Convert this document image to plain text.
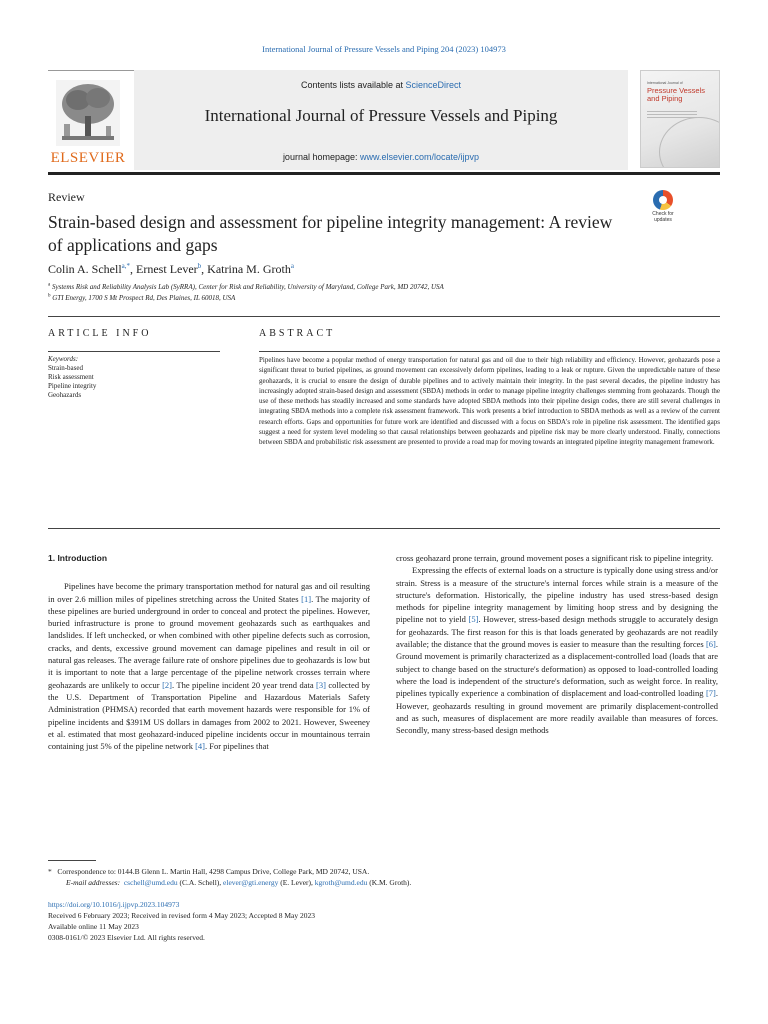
International Journal of Pressure Vessels and Piping 204 (2023) 104973
ELSEVIER
Contents lists available at ScienceDirect
International Journal of Pressure Vessels and Piping
journal homepage: www.elsevier.com/locate/ijpvp
International Journal of
Pressure Vessels and Piping
Review
Strain-based design and assessment for pipeline integrity management: A review of applications and gaps
Check for updates
Colin A. Schell$^{a,*}$, Ernest Lever$^b$, Katrina M. Groth$^a$
$^a$ Systems Risk and Reliability Analysis Lab (SyRRA), Center for Risk and Reliability, University of Maryland, College Park, MD 20742, USA
$^b$ GTI Energy, 1700 S Mt Prospect Rd, Des Plaines, IL 60018, USA
ARTICLE INFO	ABSTRACT
Keywords:
Strain-based
Risk assessment
Pipeline integrity
Geohazards
Pipelines have become a popular method of energy transportation for natural gas and oil due to their high reliability and efficiency. However, geohazards pose a significant threat to buried pipelines, as ground movement can excessively deform pipelines, leading to a leak or rupture. Given the unpredictable nature of these geohazards, it is crucial to ensure the design of durable pipelines and to actively maintain their integrity. In the past several decades, the pipeline industry has increasingly adopted strain-based design and assessment (SBDA) methods in order to manage pipeline integrity challenges stemming from geohazards. Though the use of these methods has steadily increased and some standards have adopted SBDA methods into their pipeline design codes, there are still several challenges in integrating SBDA methods into a complete risk assessment framework. This work presents a brief introduction to SBDA methods as well as a review of the current research efforts. Gaps and opportunities for future work are identified and discussed with a focus on SBDA's role in pipeline risk assessment. The identified gaps suggest a need for system level modeling so that causal relationships between geohazards and pipeline risk may be more clearly understood. Finally, connections between SBDA and probabilistic risk assessment are presented to provide a road map for moving towards an integrated pipeline integrity management framework.
1. Introduction

Pipelines have become the primary transportation method for natural gas and oil resulting in over 2.6 million miles of pipelines stretching across the United States [1]. The majority of these pipelines are buried underground in order to conceal and protect the pipelines. However, buried infrastructure is prone to ground movement geohazards such as earthquakes and landslides. If left unchecked, or when combined with other pipeline defects such as corrosion, cracks, and dents, excessive ground movement can damage pipelines and result in oil or natural gas releases. The average failure rate of onshore pipelines due to geohazards is low but it is important to note that a large percentage of the pipeline network crosses terrain where geohazards are unlikely to occur [2]. The pipeline incident 20 year trend data [3] collected by the U.S. Department of Transportation Pipeline and Hazardous Materials Safety Administration (PHMSA) recorded that earth movement hazards were responsible for 1% of pipeline incidents and $391M US dollars in damages from 2002 to 2021. However, Sweeney et al. estimated that most geohazard-induced pipeline incidents occur in mountainous terrain containing just 5% of the pipeline network [4]. For pipelines that

cross geohazard prone terrain, ground movement poses a significant risk to pipeline integrity.

Expressing the effects of external loads on a structure is typically done using stress and/or strain. Stress is a measure of the structure's internal forces while strain is a measure of the structure's deformation. Historically, the pipeline industry has used stress-based design methods for pipeline integrity management by limiting hoop stress and by designing the pipeline not to yield [5]. However, stress-based design methods struggle to accurately design for geohazards. The first reason for this is that loads generated by geohazards are not readily available; the distance that the ground moves is easier to measure than the resulting forces [6]. Ground movement is primarily characterized as a displacement-controlled load (loads that are subject to change based on the structure's deformation) as opposed to load-controlled loading where the load is independent of the structure's deformation, such as weight force. In reality, pipelines typically experience a combination of displacement and load-controlled loading [7]. However, geohazards resulting in ground movement are primarily displacement-controlled and as such, measures of displacement are more readily available than measures of forces. Secondly, many stress-based design methods

* Correspondence to: 0144.B Glenn L. Martin Hall, 4298 Campus Drive, College Park, MD 20742, USA.
E-mail addresses: cschell@umd.edu (C.A. Schell), elever@gti.energy (E. Lever), kgroth@umd.edu (K.M. Groth).
https://doi.org/10.1016/j.ijpvp.2023.104973
Received 6 February 2023; Received in revised form 4 May 2023; Accepted 8 May 2023
Available online 11 May 2023
0308-0161/© 2023 Elsevier Ltd. All rights reserved.
